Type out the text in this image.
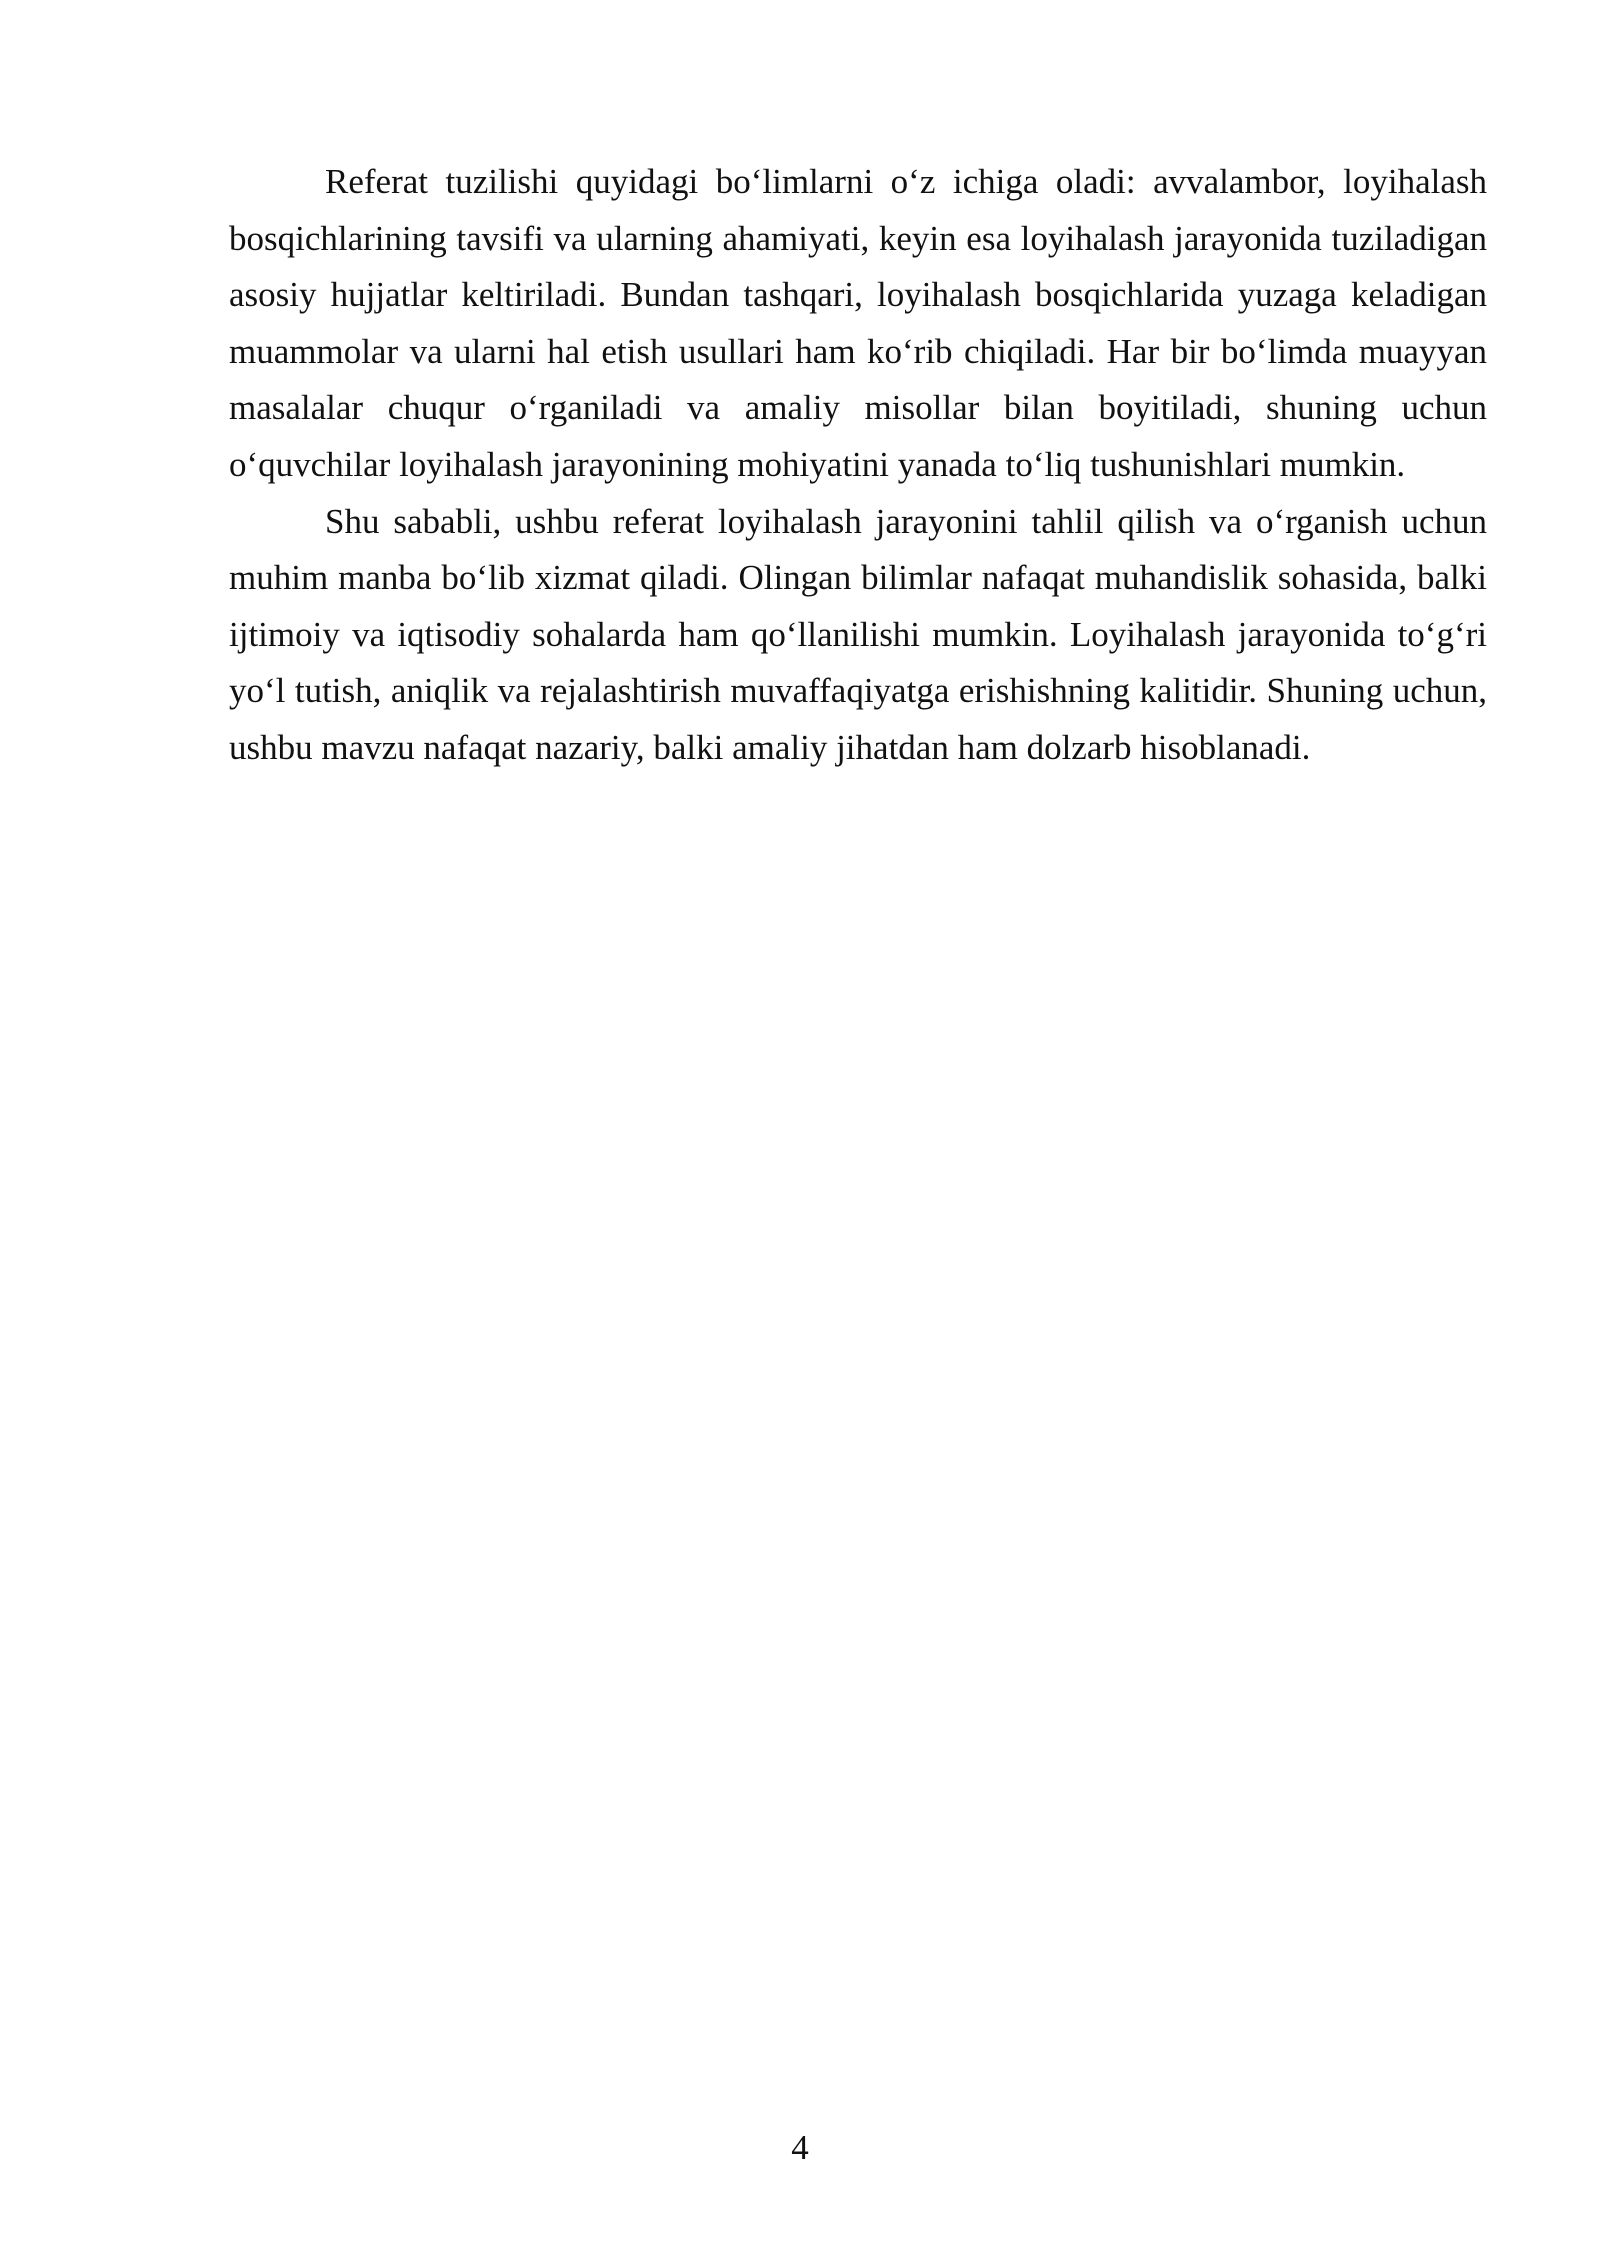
Referat tuzilishi quyidagi bo‘limlarni o‘z ichiga oladi: avvalambor, loyihalash bosqichlarining tavsifi va ularning ahamiyati, keyin esa loyihalash jarayonida tuziladigan asosiy hujjatlar keltiriladi. Bundan tashqari, loyihalash bosqichlarida yuzaga keladigan muammolar va ularni hal etish usullari ham ko‘rib chiqiladi. Har bir bo‘limda muayyan masalalar chuqur o‘rganiladi va amaliy misollar bilan boyitiladi, shuning uchun o‘quvchilar loyihalash jarayonining mohiyatini yanada to‘liq tushunishlari mumkin.

Shu sababli, ushbu referat loyihalash jarayonini tahlil qilish va o‘rganish uchun muhim manba bo‘lib xizmat qiladi. Olingan bilimlar nafaqat muhandislik sohasida, balki ijtimoiy va iqtisodiy sohalarda ham qo‘llanilishi mumkin. Loyihalash jarayonida to‘g‘ri yo‘l tutish, aniqlik va rejalashtirish muvaffaqiyatga erishishning kalitidir. Shuning uchun, ushbu mavzu nafaqat nazariy, balki amaliy jihatdan ham dolzarb hisoblanadi.

4
